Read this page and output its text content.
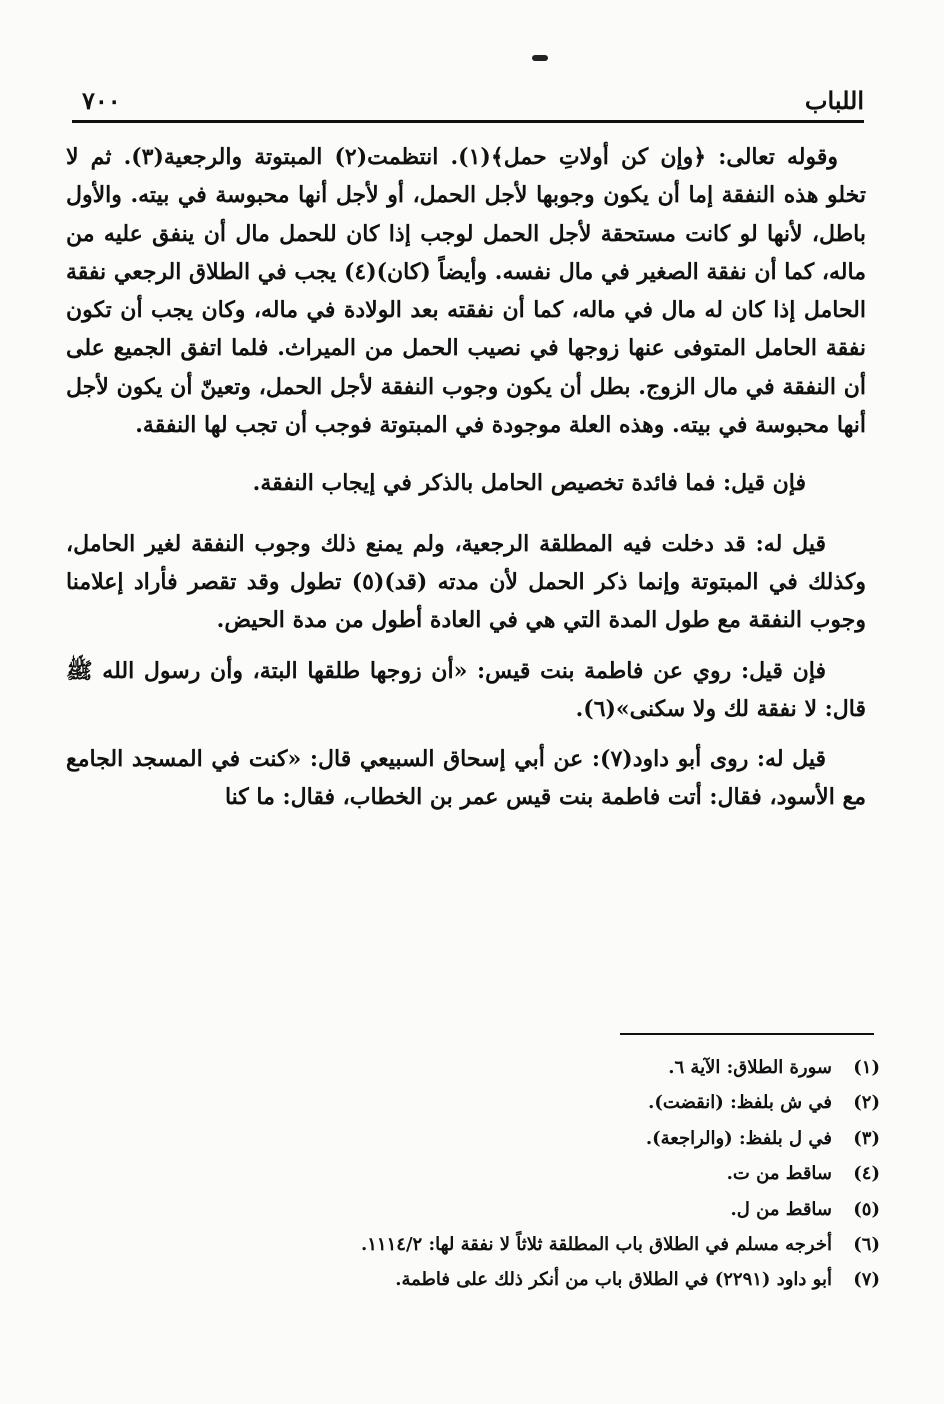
اللباب
٧٠٠

وقوله تعالى: ﴿وإن كن أولاتِ حمل﴾(١). انتظمت(٢) المبتوتة والرجعية(٣). ثم لا تخلو هذه النفقة إما أن يكون وجوبها لأجل الحمل، أو لأجل أنها محبوسة في بيته. والأول باطل، لأنها لو كانت مستحقة لأجل الحمل لوجب إذا كان للحمل مال أن ينفق عليه من ماله، كما أن نفقة الصغير في مال نفسه. وأيضاً (كان)(٤) يجب في الطلاق الرجعي نفقة الحامل إذا كان له مال في ماله، كما أن نفقته بعد الولادة في ماله، وكان يجب أن تكون نفقة الحامل المتوفى عنها زوجها في نصيب الحمل من الميراث. فلما اتفق الجميع على أن النفقة في مال الزوج. بطل أن يكون وجوب النفقة لأجل الحمل، وتعينّ أن يكون لأجل أنها محبوسة في بيته. وهذه العلة موجودة في المبتوتة فوجب أن تجب لها النفقة.

فإن قيل: فما فائدة تخصيص الحامل بالذكر في إيجاب النفقة.

قيل له: قد دخلت فيه المطلقة الرجعية، ولم يمنع ذلك وجوب النفقة لغير الحامل، وكذلك في المبتوتة وإنما ذكر الحمل لأن مدته (قد)(٥) تطول وقد تقصر فأراد إعلامنا وجوب النفقة مع طول المدة التي هي في العادة أطول من مدة الحيض.

فإن قيل: روي عن فاطمة بنت قيس: «أن زوجها طلقها البتة، وأن رسول الله ﷺ قال: لا نفقة لك ولا سكنى»(٦).

قيل له: روى أبو داود(٧): عن أبي إسحاق السبيعي قال: «كنت في المسجد الجامع مع الأسود، فقال: أتت فاطمة بنت قيس عمر بن الخطاب، فقال: ما كنا

(١)سورة الطلاق: الآية ٦.
(٢)في ش بلفظ: (انقضت).
(٣)في ل بلفظ: (والراجعة).
(٤)ساقط من ت.
(٥)ساقط من ل.
(٦)أخرجه مسلم في الطلاق باب المطلقة ثلاثاً لا نفقة لها: ١١١٤/٢.
(٧)أبو داود (٢٢٩١) في الطلاق باب من أنكر ذلك على فاطمة.
